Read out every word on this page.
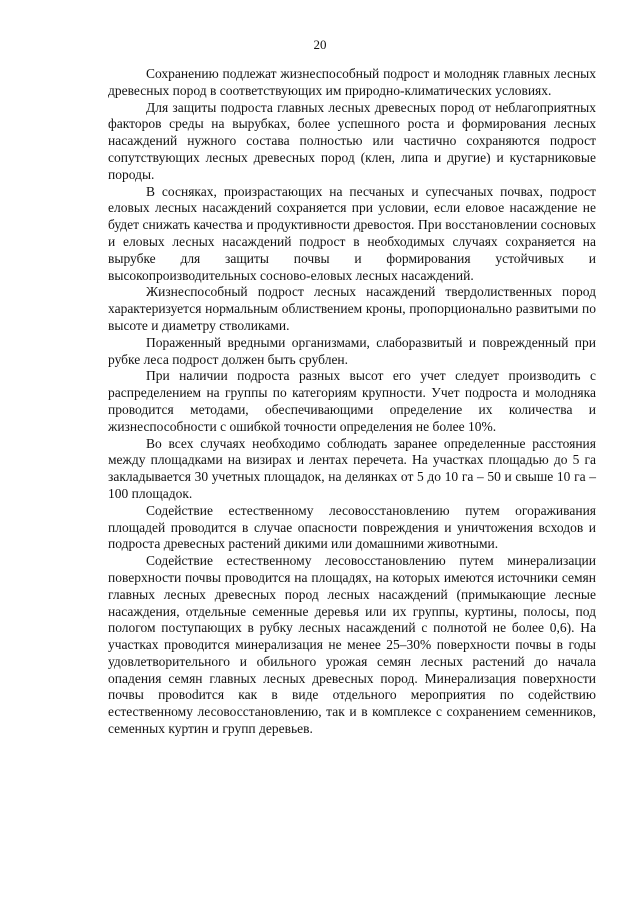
20

Сохранению подлежат жизнеспособный подрост и молодняк главных лесных древесных пород в соответствующих им природно-климатических условиях.

Для защиты подроста главных лесных древесных пород от неблагоприятных факторов среды на вырубках, более успешного роста и формирования лесных насаждений нужного состава полностью или частично сохраняются подрост сопутствующих лесных древесных пород (клен, липа и другие) и кустарниковые породы.

В сосняках, произрастающих на песчаных и супесчаных почвах, подрост еловых лесных насаждений сохраняется при условии, если еловое насаждение не будет снижать качества и продуктивности древостоя. При восстановлении сосновых и еловых лесных насаждений подрост в необходимых случаях сохраняется на вырубке для защиты почвы и формирования устойчивых и высокопроизводительных сосново-еловых лесных насаждений.

Жизнеспособный подрост лесных насаждений твердолиственных пород характеризуется нормальным облиствением кроны, пропорционально развитыми по высоте и диаметру стволиками.

Пораженный вредными организмами, слаборазвитый и поврежденный при рубке леса подрост должен быть срублен.

При наличии подроста разных высот его учет следует производить с распределением на группы по категориям крупности. Учет подроста и молодняка проводится методами, обеспечивающими определение их количества и жизнеспособности с ошибкой точности определения не более 10%.

Во всех случаях необходимо соблюдать заранее определенные расстояния между площадками на визирах и лентах перечета. На участках площадью до 5 га закладывается 30 учетных площадок, на делянках от 5 до 10 га – 50 и свыше 10 га – 100 площадок.

Содействие естественному лесовосстановлению путем огораживания площадей проводится в случае опасности повреждения и уничтожения всходов и подроста древесных растений дикими или домашними животными.

Содействие естественному лесовосстановлению путем минерализации поверхности почвы проводится на площадях, на которых имеются источники семян главных лесных древесных пород лесных насаждений (примыкающие лесные насаждения, отдельные семенные деревья или их группы, куртины, полосы, под пологом поступающих в рубку лесных насаждений с полнотой не более 0,6). На участках проводится минерализация не менее 25–30% поверхности почвы в годы удовлетворительного и обильного урожая семян лесных растений до начала опадения семян главных лесных древесных пород. Минерализация поверхности почвы провоdится как в виде отдельного мероприятия по содействию естественному лесовосстановлению, так и в комплексе с сохранением семенников, семенных куртин и групп деревьев.
